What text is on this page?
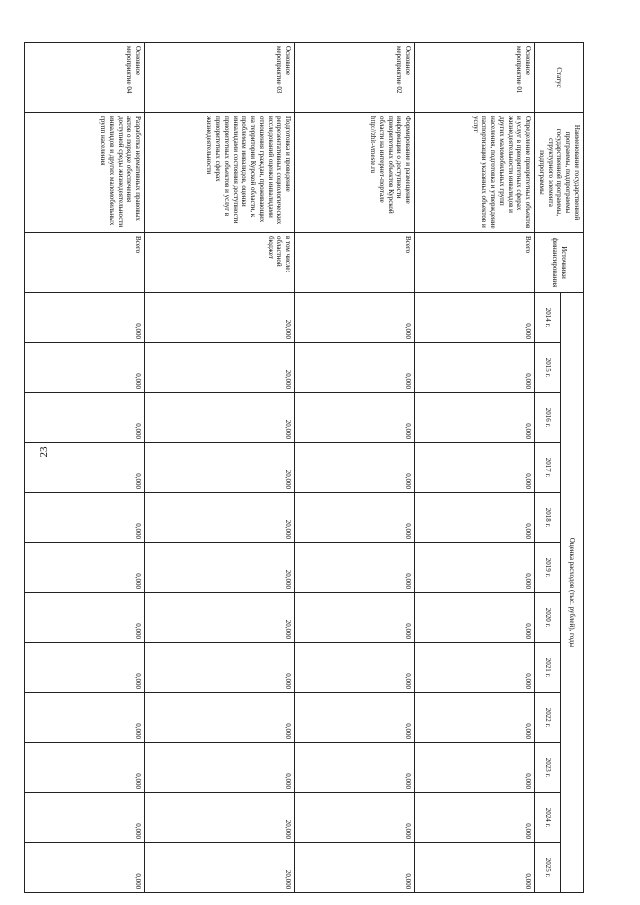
23
Статус	Наименование государственной программы, подпрограммы государственной программы, структурного элемента подпрограммы	Источники финансирования	Оценка расходов (тыс. рублей), годы											
			2014 г.	2015 г.	2016 г.	2017 г.	2018 г.	2019 г.	2020 г.	2021 г.	2022 г.	2023 г.	2024 г.	2025 г.
Основное мероприятие 01	Определение приоритетных объектов и услуг в приоритетных сферах жизнедеятельности инвалидов и других маломобильных групп населения, подготовка и утверждение паспортизации указанных объектов и услуг	Всего	0,000	0,000	0,000	0,000	0,000	0,000	0,000	0,000	0,000	0,000	0,000	0,000
Основное мероприятие 02	Формирование и размещение информации о доступности приоритетных объектов Курской области на интернет-портале http://zhit-vmeste.ru	Всего	0,000	0,000	0,000	0,000	0,000	0,000	0,000	0,000	0,000	0,000	0,000	0,000
Основное мероприятие 03	Подготовка и проведение репрезентативных социологических исследований оценки инвалидами отношения граждан, проживающих на территории Курской области, к проблемам инвалидов, оценки инвалидами состояния доступности приоритетных объектов и услуг в приоритетных сферах жизнедеятельности	в том числе: областной бюджет	20,000	20,000	20,000	20,000	20,000	20,000	20,000	0,000	0,000	0,000	20,000	20,000
Основное мероприятие 04	Разработка нормативных правовых актов о порядке обеспечения доступной среды жизнедеятельности инвалидов и других маломобильных групп населения	Всего	0,000	0,000	0,000	0,000	0,000	0,000	0,000	0,000	0,000	0,000	0,000	0,000
